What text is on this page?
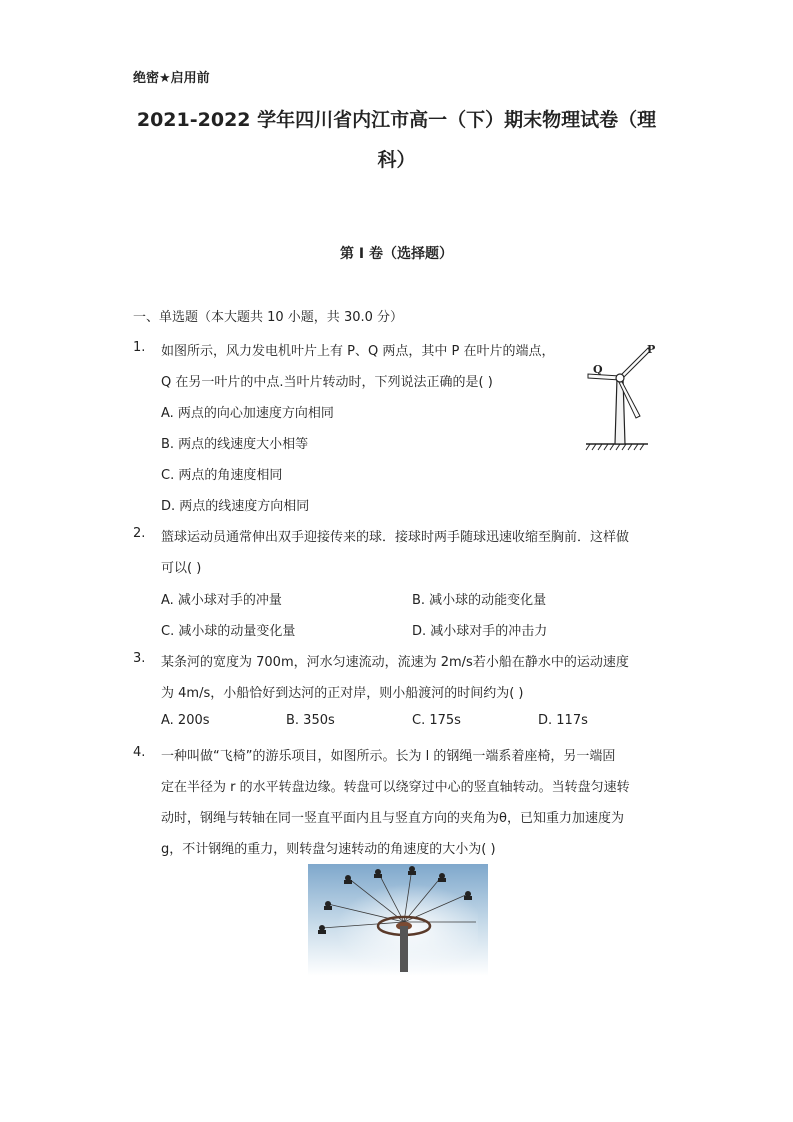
绝密★启用前
2021-2022 学年四川省内江市高一（下）期末物理试卷（理
科）
第 I 卷（选择题）
一、单选题（本大题共 10 小题，共 30.0 分）
1. 如图所示，风力发电机叶片上有 P、Q 两点，其中 P 在叶片的端点，
Q 在另一叶片的中点.当叶片转动时，下列说法正确的是( )
A. 两点的向心加速度方向相同
B. 两点的线速度大小相等
C. 两点的角速度相同
D. 两点的线速度方向相同
P
Q
2. 篮球运动员通常伸出双手迎接传来的球．接球时两手随球迅速收缩至胸前．这样做
可以( )
A. 减小球对手的冲量	B. 减小球的动能变化量
C. 减小球的动量变化量	D. 减小球对手的冲击力
3. 某条河的宽度为 700m，河水匀速流动，流速为 2m/s若小船在静水中的运动速度
为 4m/s，小船恰好到达河的正对岸，则小船渡河的时间约为( )
A. 200s	B. 350s	C. 175s	D. 117s
4. 一种叫做“飞椅”的游乐项目，如图所示。长为 l 的钢绳一端系着座椅，另一端固
定在半径为 r 的水平转盘边缘。转盘可以绕穿过中心的竖直轴转动。当转盘匀速转
动时，钢绳与转轴在同一竖直平面内且与竖直方向的夹角为θ，已知重力加速度为
g，不计钢绳的重力，则转盘匀速转动的角速度的大小为( )
